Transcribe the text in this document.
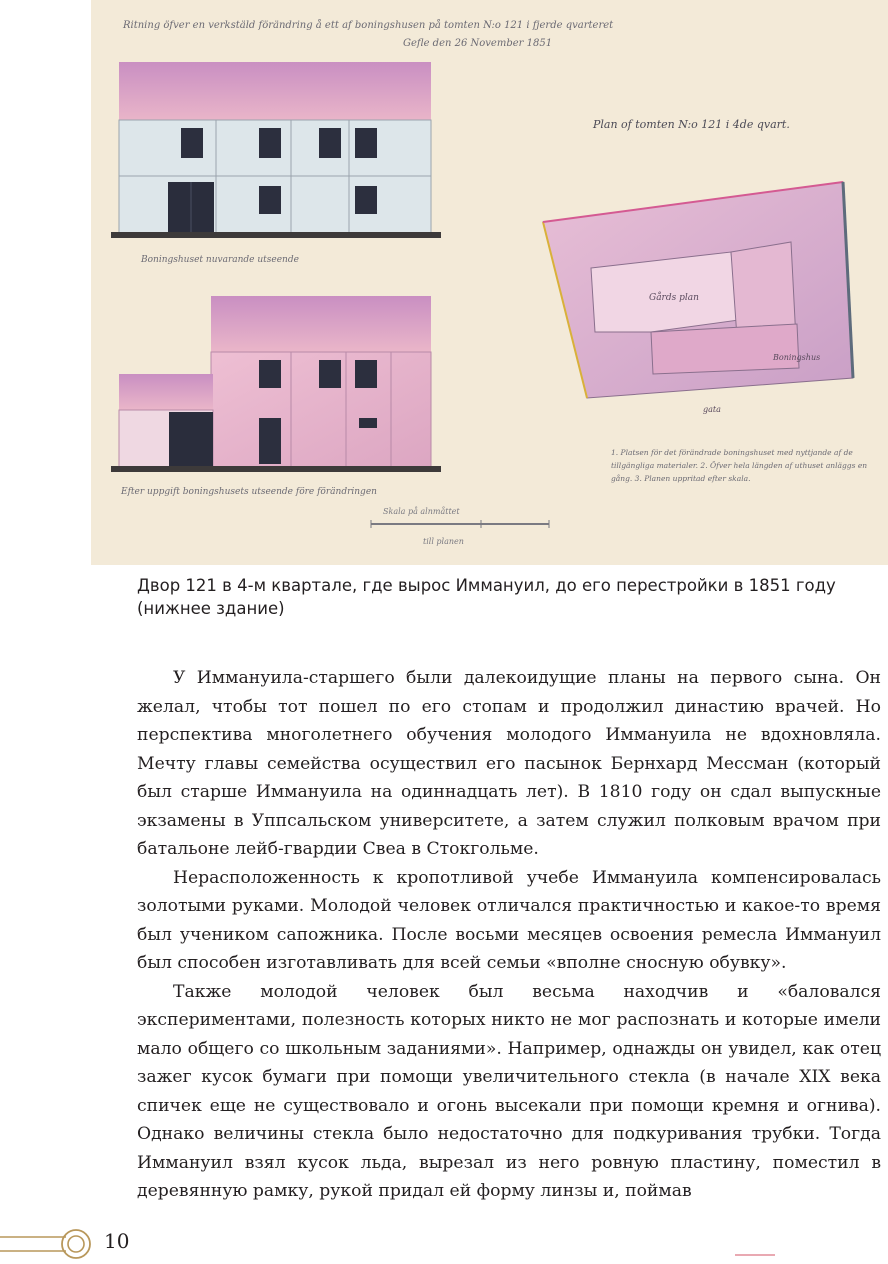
Ritning öfver en verkstäld förändring å ett af boningshusen på tomten N:o 121 i fjerde qvarteret
Gefle den 26 November 1851
Boningshuset nuvarande utseende
Efter uppgift boningshusets utseende före förändringen
Skala på alnmåttet
till planen
Plan of tomten N:o 121 i 4de qvart.
Gårds plan
Boningshus
gata
1. Platsen för det förändrade boningshuset med nyttjande af de tillgängliga materialer. 2. Öfver hela längden af uthuset anläggs en gång. 3. Planen uppritad efter skala.
Двор 121 в 4-м квартале, где вырос Иммануил, до его перестройки в 1851 году (нижнее здание)

У Иммануила-старшего были далекоидущие планы на первого сына. Он желал, чтобы тот пошел по его стопам и продолжил династию врачей. Но перспектива многолетнего обучения молодого Иммануила не вдохновляла. Мечту главы семейства осуществил его пасынок Бернхард Мессман (который был старше Иммануила на одиннадцать лет). В 1810 году он сдал выпускные экзамены в Уппсальском университете, а затем служил полковым врачом при батальоне лейб-гвардии Свеа в Стокгольме.

Нерасположенность к кропотливой учебе Иммануила компенсировалась золотыми руками. Молодой человек отличался практичностью и какое-то время был учеником сапожника. После восьми месяцев освоения ремесла Иммануил был способен изготавливать для всей семьи «вполне сносную обувку».

Также молодой человек был весьма находчив и «баловался экспериментами, полезность которых никто не мог распознать и которые имели мало общего со школьным заданиями». Например, однажды он увидел, как отец зажег кусок бумаги при помощи увеличительного стекла (в начале XIX века спичек еще не существовало и огонь высекали при помощи кремня и огнива). Однако величины стекла было недостаточно для подкуривания трубки. Тогда Иммануил взял кусок льда, вырезал из него ровную пластину, поместил в деревянную рамку, рукой придал ей форму линзы и, поймав

10
